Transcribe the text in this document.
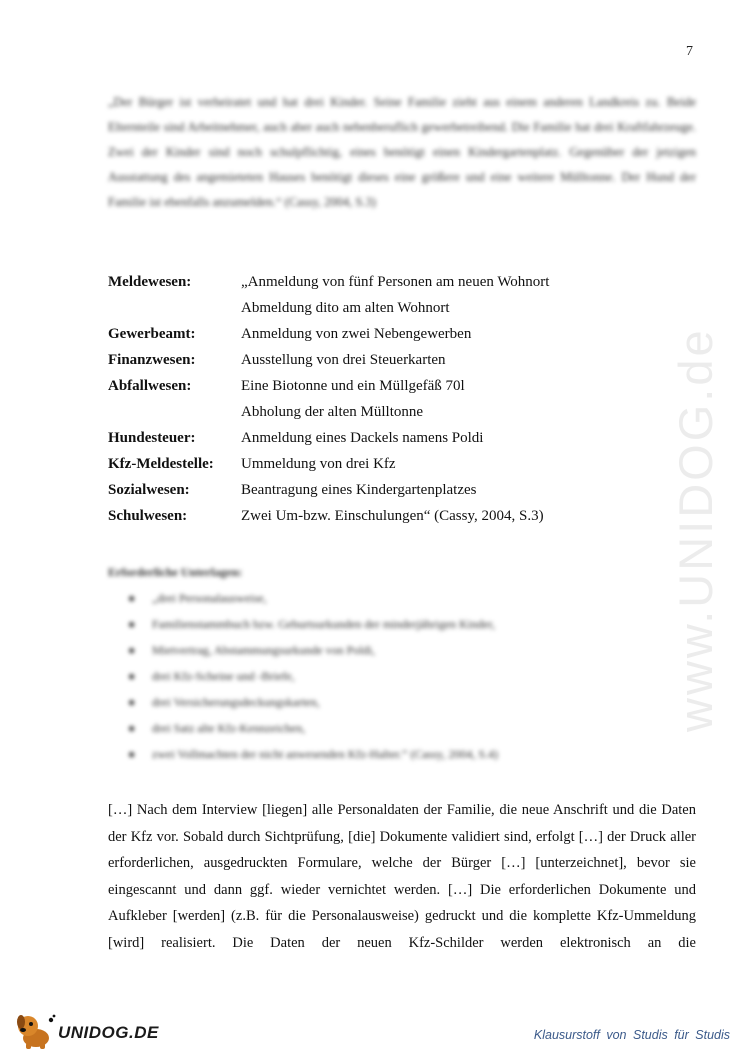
7

„Der Bürger ist verheiratet und hat drei Kinder. Seine Familie zieht aus einem anderen Landkreis zu. Beide Elternteile sind Arbeitnehmer, auch aber auch nebenberuflich gewerbetreibend. Die Familie hat drei Kraftfahrzeuge. Zwei der Kinder sind noch schulpflichtig, eines benötigt einen Kindergartenplatz. Gegenüber der jetzigen Ausstattung des angemieteten Hauses benötigt dieses eine größere und eine weitere Mülltonne. Der Hund der Familie ist ebenfalls anzumelden.“ (Cassy, 2004, S.3)

Meldewesen:	„Anmeldung von fünf Personen am neuen Wohnort
Abmeldung dito am alten Wohnort
Gewerbeamt:	Anmeldung von zwei Nebengewerben
Finanzwesen:	Ausstellung von drei Steuerkarten
Abfallwesen:	Eine Biotonne und ein Müllgefäß 70l
Abholung der alten Mülltonne
Hundesteuer:	Anmeldung eines Dackels namens Poldi
Kfz-Meldestelle:	Ummeldung von drei Kfz
Sozialwesen:	Beantragung eines Kindergartenplatzes
Schulwesen:	Zwei Um-bzw. Einschulungen“ (Cassy, 2004, S.3)

Erforderliche Unterlagen:

● „drei Personalausweise,
● Familienstammbuch bzw. Geburtsurkunden der minderjährigen Kinder,
● Mietvertrag, Abstammungsurkunde von Poldi,
● drei Kfz-Scheine und -Briefe,
● drei Versicherungsdeckungskarten,
● drei Satz alte Kfz-Kennzeichen,
● zwei Vollmachten der nicht anwesenden Kfz-Halter.“ (Cassy, 2004, S.4)

[…] Nach dem Interview [liegen] alle Personaldaten der Familie, die neue Anschrift und die Daten der Kfz vor. Sobald durch Sichtprüfung, [die] Dokumente validiert sind, erfolgt […] der Druck aller erforderlichen, ausgedruckten Formulare, welche der Bürger […] [unterzeichnet], bevor sie eingescannt und dann ggf. wieder vernichtet werden. […] Die erforderlichen Dokumente und Aufkleber [werden] (z.B. für die Personalausweise) gedruckt und die komplette Kfz-Ummeldung [wird] realisiert. Die Daten der neuen Kfz-Schilder werden elektronisch an die

www.UNIDOG.de
UNIDOG.DE	Klausurstoff von Studis für Studis
